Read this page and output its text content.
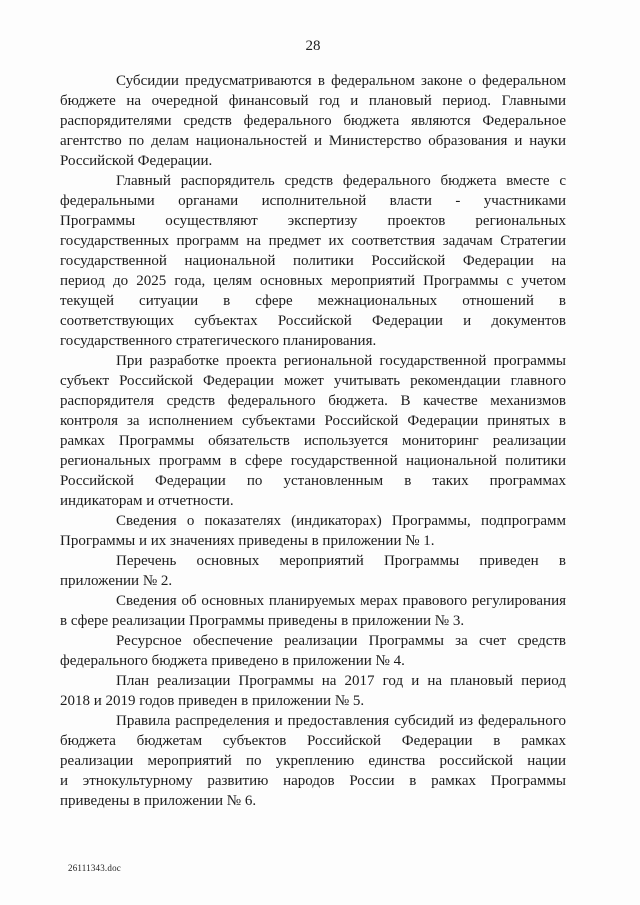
28

Субсидии предусматриваются в федеральном законе о федеральном
бюджете на очередной финансовый год и плановый период. Главными
распорядителями средств федерального бюджета являются Федеральное
агентство по делам национальностей и Министерство образования и науки
Российской Федерации.

Главный распорядитель средств федерального бюджета вместе с
федеральными органами исполнительной власти - участниками
Программы осуществляют экспертизу проектов региональных
государственных программ на предмет их соответствия задачам Стратегии
государственной национальной политики Российской Федерации на
период до 2025 года, целям основных мероприятий Программы с учетом
текущей ситуации в сфере межнациональных отношений в
соответствующих субъектах Российской Федерации и документов
государственного стратегического планирования.

При разработке проекта региональной государственной программы
субъект Российской Федерации может учитывать рекомендации главного
распорядителя средств федерального бюджета. В качестве механизмов
контроля за исполнением субъектами Российской Федерации принятых в
рамках Программы обязательств используется мониторинг реализации
региональных программ в сфере государственной национальной политики
Российской Федерации по установленным в таких программах
индикаторам и отчетности.

Сведения о показателях (индикаторах) Программы, подпрограмм
Программы и их значениях приведены в приложении № 1.

Перечень основных мероприятий Программы приведен в
приложении № 2.

Сведения об основных планируемых мерах правового регулирования
в сфере реализации Программы приведены в приложении № 3.

Ресурсное обеспечение реализации Программы за счет средств
федерального бюджета приведено в приложении № 4.

План реализации Программы на 2017 год и на плановый период
2018 и 2019 годов приведен в приложении № 5.

Правила распределения и предоставления субсидий из федерального
бюджета бюджетам субъектов Российской Федерации в рамках
реализации мероприятий по укреплению единства российской нации
и этнокультурному развитию народов России в рамках Программы
приведены в приложении № 6.

26111343.doc
